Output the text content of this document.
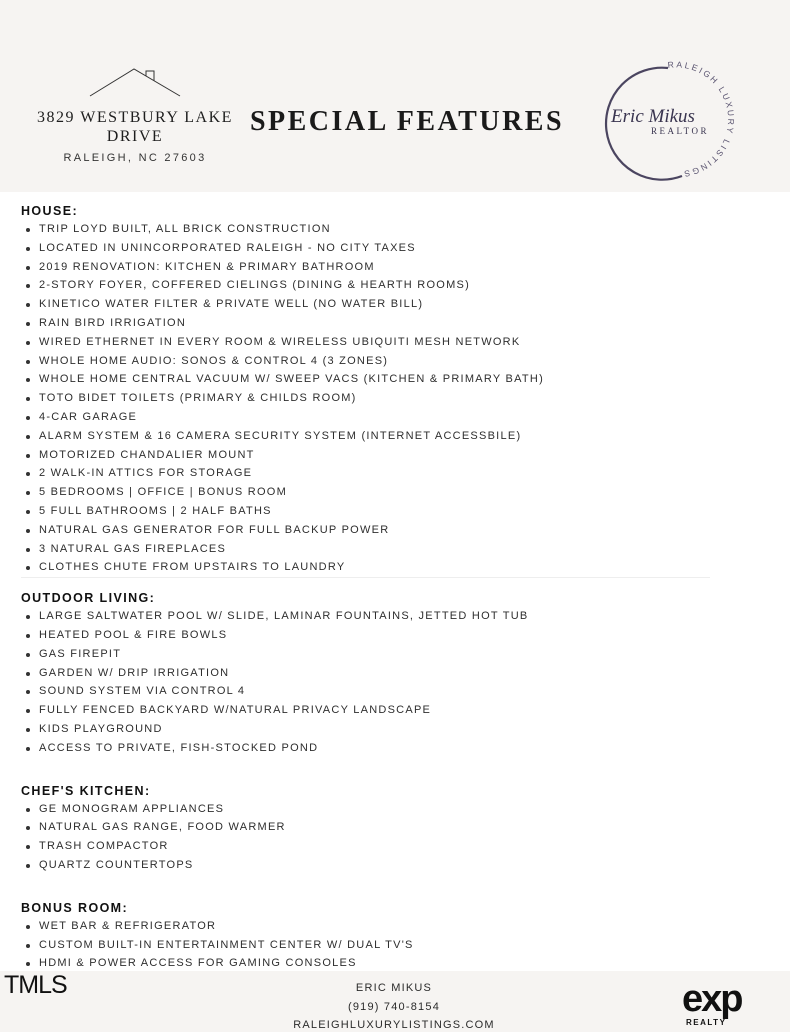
3829 WESTBURY LAKE DRIVE
RALEIGH, NC 27603
SPECIAL FEATURES
RALEIGH LUXURY LISTINGS
Eric Mikus
REALTOR
HOUSE:
TRIP LOYD BUILT, ALL BRICK CONSTRUCTION
LOCATED IN UNINCORPORATED RALEIGH - NO CITY TAXES
2019 RENOVATION: KITCHEN & PRIMARY BATHROOM
2-STORY FOYER, COFFERED CIELINGS (DINING & HEARTH ROOMS)
KINETICO WATER FILTER & PRIVATE WELL (NO WATER BILL)
RAIN BIRD IRRIGATION
WIRED ETHERNET IN EVERY ROOM & WIRELESS UBIQUITI MESH NETWORK
WHOLE HOME AUDIO: SONOS & CONTROL 4 (3 ZONES)
WHOLE HOME CENTRAL VACUUM W/ SWEEP VACS (KITCHEN & PRIMARY BATH)
TOTO BIDET TOILETS (PRIMARY & CHILDS ROOM)
4-CAR GARAGE
ALARM SYSTEM & 16 CAMERA SECURITY SYSTEM (INTERNET ACCESSBILE)
MOTORIZED CHANDALIER MOUNT
2 WALK-IN ATTICS FOR STORAGE
5 BEDROOMS | OFFICE | BONUS ROOM
5 FULL BATHROOMS | 2 HALF BATHS
NATURAL GAS GENERATOR FOR FULL BACKUP POWER
3 NATURAL GAS FIREPLACES
CLOTHES CHUTE FROM UPSTAIRS TO LAUNDRY
OUTDOOR LIVING:
LARGE SALTWATER POOL W/ SLIDE, LAMINAR FOUNTAINS, JETTED HOT TUB
HEATED POOL & FIRE BOWLS
GAS FIREPIT
GARDEN W/ DRIP IRRIGATION
SOUND SYSTEM VIA CONTROL 4
FULLY FENCED BACKYARD W/NATURAL PRIVACY LANDSCAPE
KIDS PLAYGROUND
ACCESS TO PRIVATE, FISH-STOCKED POND
CHEF'S KITCHEN:
GE MONOGRAM APPLIANCES
NATURAL GAS RANGE, FOOD WARMER
TRASH COMPACTOR
QUARTZ COUNTERTOPS
BONUS ROOM:
WET BAR & REFRIGERATOR
CUSTOM BUILT-IN ENTERTAINMENT CENTER W/ DUAL TV'S
HDMI & POWER ACCESS FOR GAMING CONSOLES
TMLS	ERIC MIKUS
(919) 740-8154
RALEIGHLUXURYLISTINGS.COM
exp
REALTY
